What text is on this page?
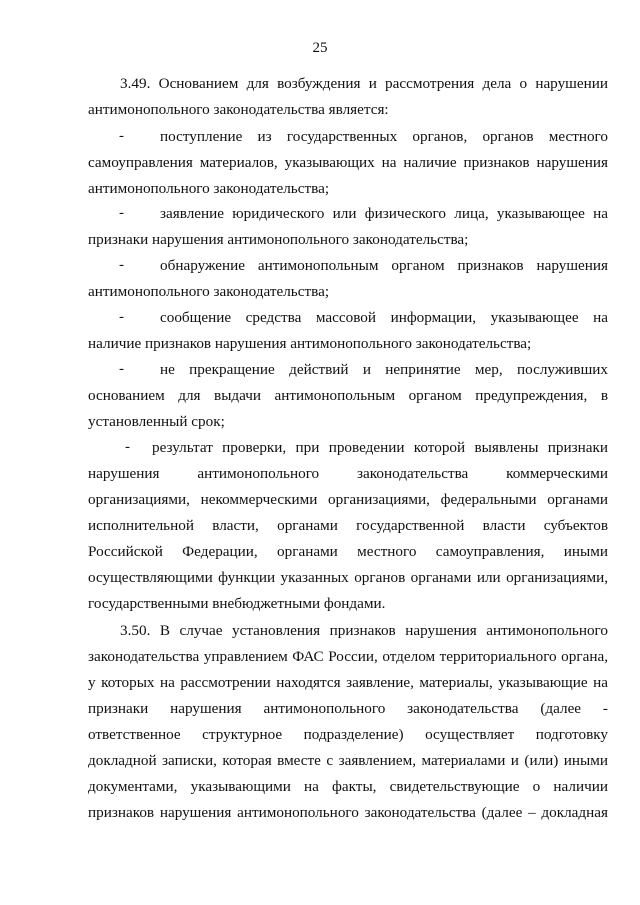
25
-
-
-
-
-
-
3.49. Основанием для возбуждения и рассмотрения дела о нарушении
антимонопольного законодательства является:
поступление из государственных органов, органов местного
самоуправления материалов, указывающих на наличие признаков нарушения
антимонопольного законодательства;
заявление юридического или физического лица, указывающее на
признаки нарушения антимонопольного законодательства;
обнаружение антимонопольным органом признаков нарушения
антимонопольного законодательства;
сообщение средства массовой информации, указывающее на
наличие признаков нарушения антимонопольного законодательства;
не прекращение действий и непринятие мер, послуживших
основанием для выдачи антимонопольным органом предупреждения, в
установленный срок;
результат проверки, при проведении которой выявлены признаки
нарушения антимонопольного законодательства коммерческими
организациями, некоммерческими организациями, федеральными органами
исполнительной власти, органами государственной власти субъектов
Российской Федерации, органами местного самоуправления, иными
осуществляющими функции указанных органов органами или организациями,
государственными внебюджетными фондами.
3.50. В случае установления признаков нарушения антимонопольного
законодательства управлением ФАС России, отделом территориального органа,
у которых на рассмотрении находятся заявление, материалы, указывающие на
признаки нарушения антимонопольного законодательства (далее -
ответственное структурное подразделение) осуществляет подготовку
докладной записки, которая вместе с заявлением, материалами и (или) иными
документами, указывающими на факты, свидетельствующие о наличии
признаков нарушения антимонопольного законодательства (далее – докладная
